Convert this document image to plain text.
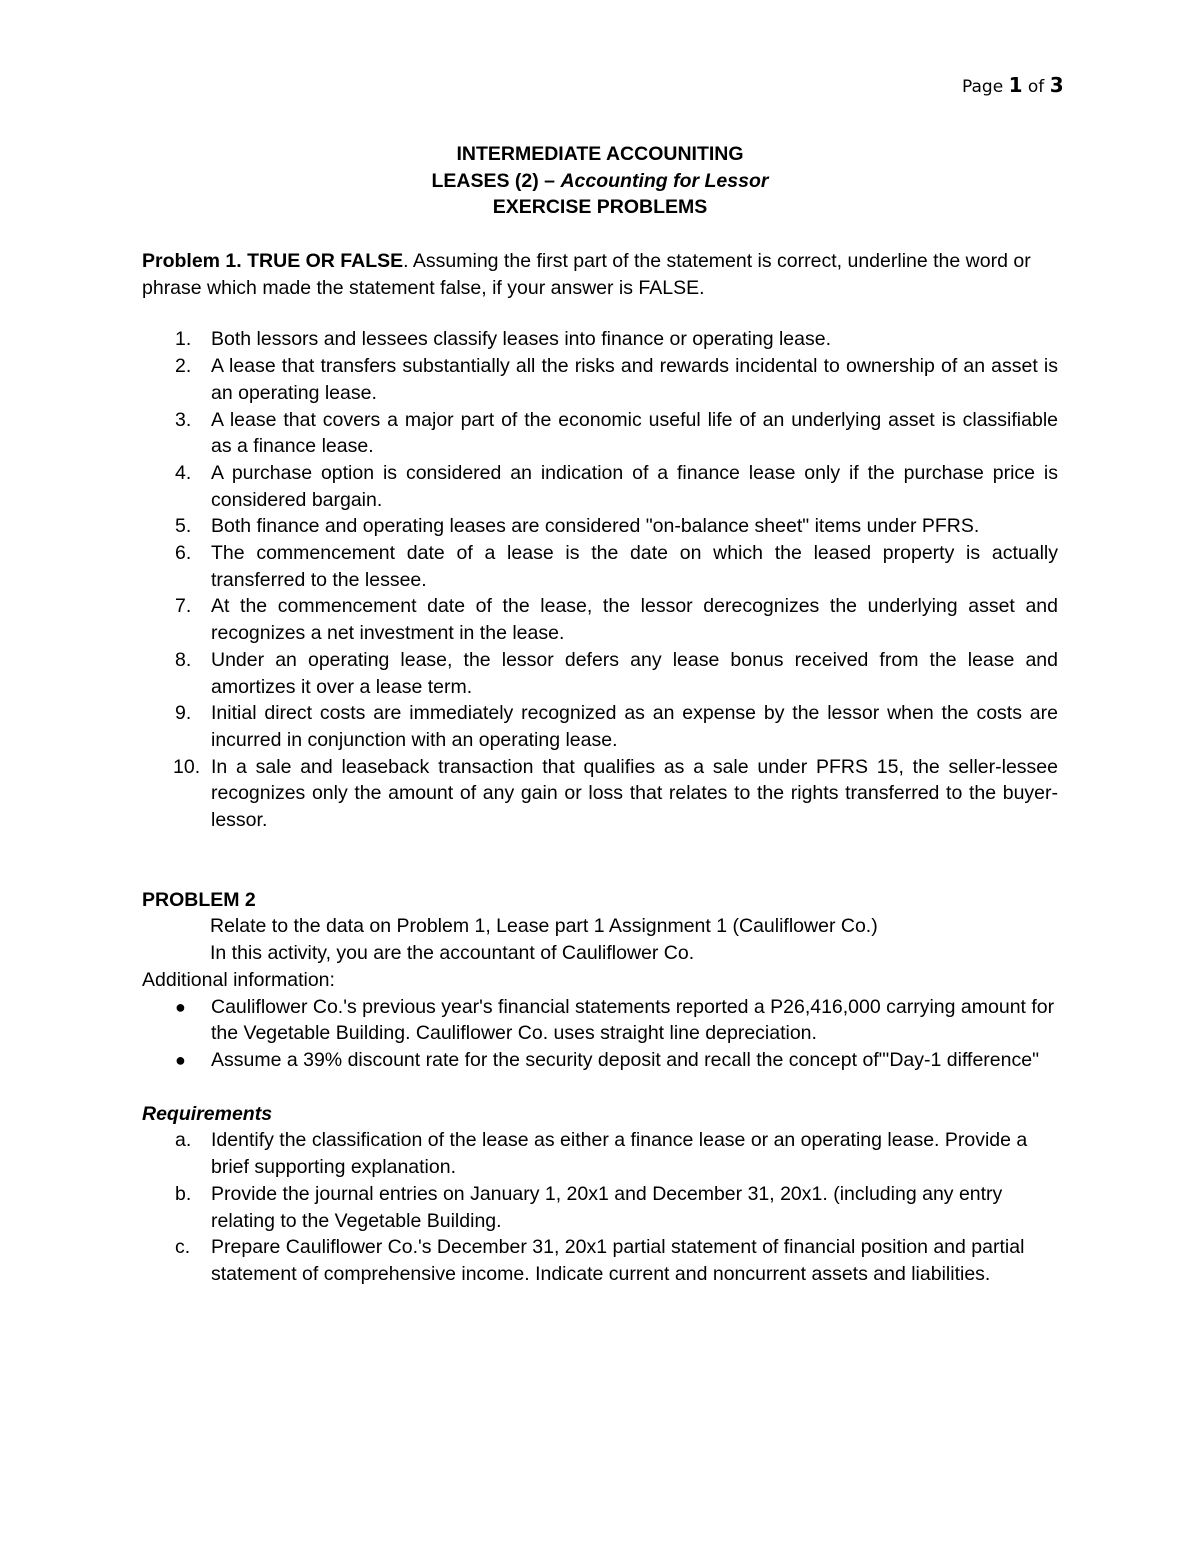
Page 1 of 3
INTERMEDIATE ACCOUNITING
LEASES (2) – Accounting for Lessor
EXERCISE PROBLEMS

Problem 1. TRUE OR FALSE. Assuming the first part of the statement is correct, underline the word or phrase which made the statement false, if your answer is FALSE.

1. Both lessors and lessees classify leases into finance or operating lease.
2. A lease that transfers substantially all the risks and rewards incidental to ownership of an asset is an operating lease.
3. A lease that covers a major part of the economic useful life of an underlying asset is classifiable as a finance lease.
4. A purchase option is considered an indication of a finance lease only if the purchase price is considered bargain.
5. Both finance and operating leases are considered "on-balance sheet" items under PFRS.
6. The commencement date of a lease is the date on which the leased property is actually transferred to the lessee.
7. At the commencement date of the lease, the lessor derecognizes the underlying asset and recognizes a net investment in the lease.
8. Under an operating lease, the lessor defers any lease bonus received from the lease and amortizes it over a lease term.
9. Initial direct costs are immediately recognized as an expense by the lessor when the costs are incurred in conjunction with an operating lease.
10. In a sale and leaseback transaction that qualifies as a sale under PFRS 15, the seller-lessee recognizes only the amount of any gain or loss that relates to the rights transferred to the buyer-lessor.

PROBLEM 2

Relate to the data on Problem 1, Lease part 1 Assignment 1 (Cauliflower Co.)

In this activity, you are the accountant of Cauliflower Co.

Additional information:

● Cauliflower Co.'s previous year's financial statements reported a P26,416,000 carrying amount for the Vegetable Building. Cauliflower Co. uses straight line depreciation.
● Assume a 39% discount rate for the security deposit and recall the concept of"'Day-1 difference"

Requirements

a. Identify the classification of the lease as either a finance lease or an operating lease. Provide a brief supporting explanation.
b. Provide the journal entries on January 1, 20x1 and December 31, 20x1. (including any entry relating to the Vegetable Building.
c. Prepare Cauliflower Co.'s December 31, 20x1 partial statement of financial position and partial statement of comprehensive income. Indicate current and noncurrent assets and liabilities.
